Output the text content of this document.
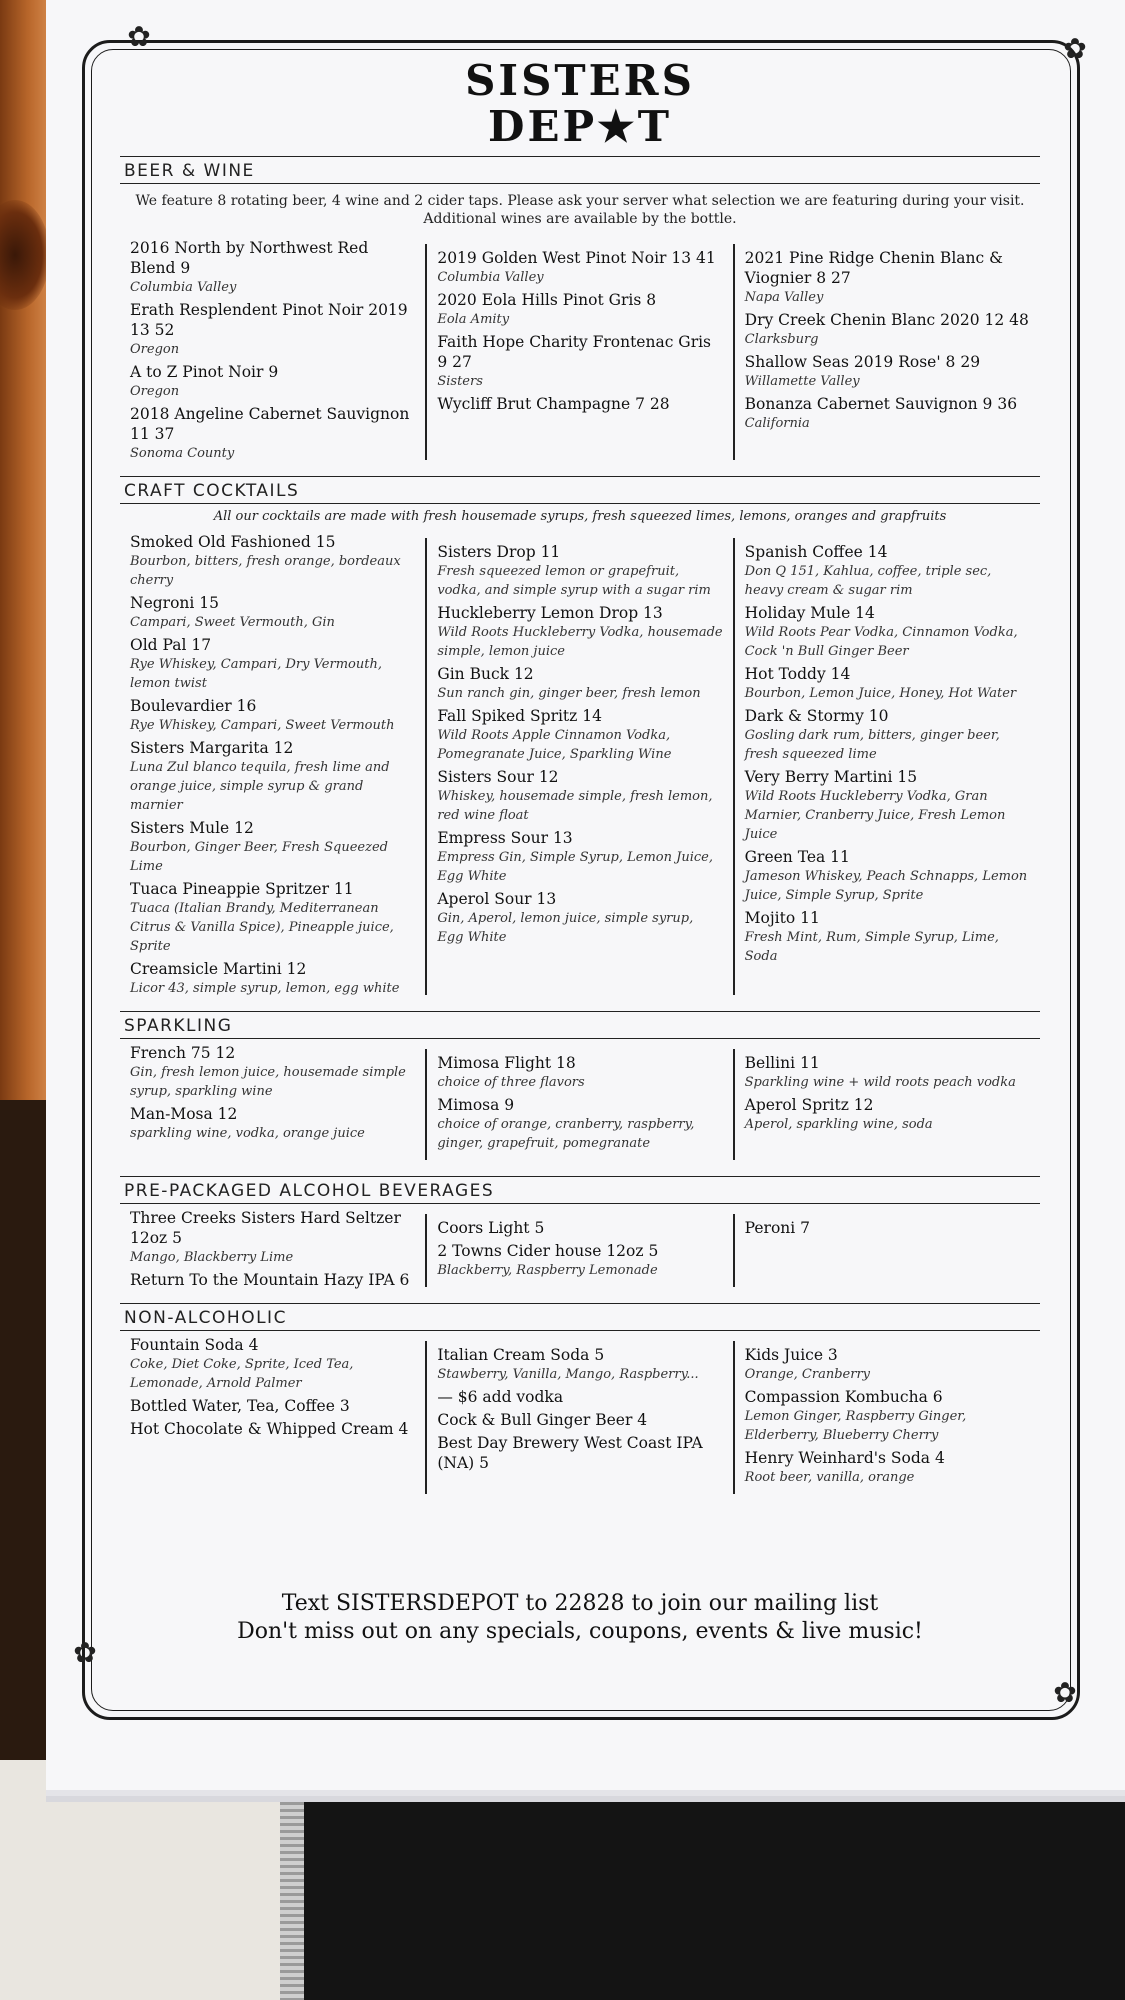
✿	✿
✿
✿
SISTERS
DEP★T
BEER & WINE
We feature 8 rotating beer, 4 wine and 2 cider taps. Please ask your server what selection we are featuring during your visit.
Additional wines are available by the bottle.
2016 North by Northwest Red Blend 9
Columbia Valley
Erath Resplendent Pinot Noir 2019 13 52
Oregon
A to Z Pinot Noir 9
Oregon
2018 Angeline Cabernet Sauvignon 11 37
Sonoma County
2019 Golden West Pinot Noir 13 41
Columbia Valley
2020 Eola Hills Pinot Gris 8
Eola Amity
Faith Hope Charity Frontenac Gris 9 27
Sisters
Wycliff Brut Champagne 7 28
2021 Pine Ridge Chenin Blanc & Viognier 8 27
Napa Valley
Dry Creek Chenin Blanc 2020 12 48
Clarksburg
Shallow Seas 2019 Rose' 8 29
Willamette Valley
Bonanza Cabernet Sauvignon 9 36
California
CRAFT COCKTAILS
All our cocktails are made with fresh housemade syrups, fresh squeezed limes, lemons, oranges and grapfruits
Smoked Old Fashioned 15
Bourbon, bitters, fresh orange, bordeaux cherry
Negroni 15
Campari, Sweet Vermouth, Gin
Old Pal 17
Rye Whiskey, Campari, Dry Vermouth, lemon twist
Boulevardier 16
Rye Whiskey, Campari, Sweet Vermouth
Sisters Margarita 12
Luna Zul blanco tequila, fresh lime and orange juice, simple syrup & grand marnier
Sisters Mule 12
Bourbon, Ginger Beer, Fresh Squeezed Lime
Tuaca Pineappie Spritzer 11
Tuaca (Italian Brandy, Mediterranean Citrus & Vanilla Spice), Pineapple juice, Sprite
Creamsicle Martini 12
Licor 43, simple syrup, lemon, egg white
Sisters Drop 11
Fresh squeezed lemon or grapefruit, vodka, and simple syrup with a sugar rim
Huckleberry Lemon Drop 13
Wild Roots Huckleberry Vodka, housemade simple, lemon juice
Gin Buck 12
Sun ranch gin, ginger beer, fresh lemon
Fall Spiked Spritz 14
Wild Roots Apple Cinnamon Vodka, Pomegranate Juice, Sparkling Wine
Sisters Sour 12
Whiskey, housemade simple, fresh lemon, red wine float
Empress Sour 13
Empress Gin, Simple Syrup, Lemon Juice, Egg White
Aperol Sour 13
Gin, Aperol, lemon juice, simple syrup, Egg White
Spanish Coffee 14
Don Q 151, Kahlua, coffee, triple sec, heavy cream & sugar rim
Holiday Mule 14
Wild Roots Pear Vodka, Cinnamon Vodka, Cock 'n Bull Ginger Beer
Hot Toddy 14
Bourbon, Lemon Juice, Honey, Hot Water
Dark & Stormy 10
Gosling dark rum, bitters, ginger beer, fresh squeezed lime
Very Berry Martini 15
Wild Roots Huckleberry Vodka, Gran Marnier, Cranberry Juice, Fresh Lemon Juice
Green Tea 11
Jameson Whiskey, Peach Schnapps, Lemon Juice, Simple Syrup, Sprite
Mojito 11
Fresh Mint, Rum, Simple Syrup, Lime, Soda
SPARKLING
French 75 12
Gin, fresh lemon juice, housemade simple syrup, sparkling wine
Man-Mosa 12
sparkling wine, vodka, orange juice
Mimosa Flight 18
choice of three flavors
Mimosa 9
choice of orange, cranberry, raspberry, ginger, grapefruit, pomegranate
Bellini 11
Sparkling wine + wild roots peach vodka
Aperol Spritz 12
Aperol, sparkling wine, soda
PRE-PACKAGED ALCOHOL BEVERAGES
Three Creeks Sisters Hard Seltzer 12oz 5
Mango, Blackberry Lime
Return To the Mountain Hazy IPA 6
Coors Light 5
2 Towns Cider house 12oz 5
Blackberry, Raspberry Lemonade
Peroni 7
NON-ALCOHOLIC
Fountain Soda 4
Coke, Diet Coke, Sprite, Iced Tea, Lemonade, Arnold Palmer
Bottled Water, Tea, Coffee 3
Hot Chocolate & Whipped Cream 4
Italian Cream Soda 5
Stawberry, Vanilla, Mango, Raspberry...
— $6 add vodka
Cock & Bull Ginger Beer 4
Best Day Brewery West Coast IPA (NA) 5
Kids Juice 3
Orange, Cranberry
Compassion Kombucha 6
Lemon Ginger, Raspberry Ginger, Elderberry, Blueberry Cherry
Henry Weinhard's Soda 4
Root beer, vanilla, orange
Text SISTERSDEPOT to 22828 to join our mailing list
Don't miss out on any specials, coupons, events & live music!
